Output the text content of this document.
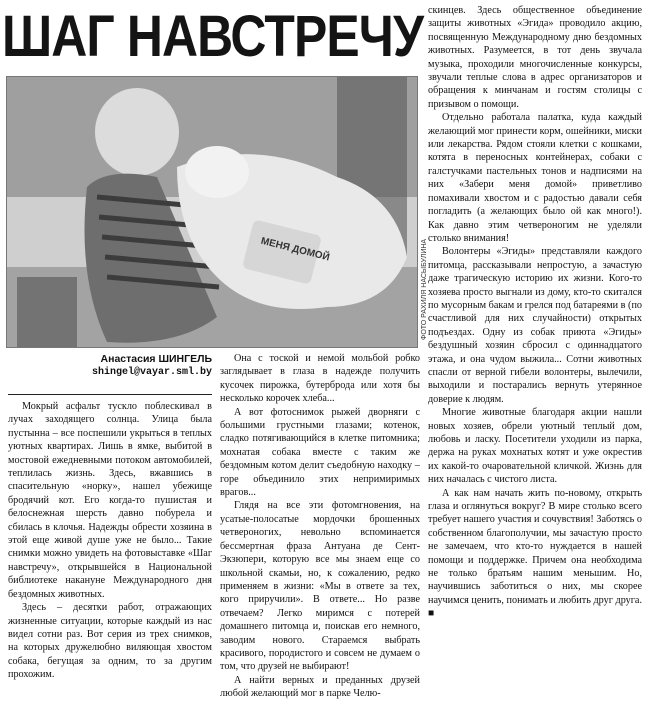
ШАГ НАВСТРЕЧУ
МЕНЯ ДОМОЙ	ФОТО РАХИЛЯ НАСЫБУЛИНА
Анастасия ШИНГЕЛЬ
shingel@vayar.sml.by

Мокрый асфальт тускло поблескивал в лучах заходящего солнца. Улица была пустынна – все поспешили укрыться в теплых уютных квартирах. Лишь в ямке, выбитой в мостовой ежедневными потоком автомобилей, теплилась жизнь. Здесь, вжавшись в спасительную «норку», нашел убежище бродячий кот. Его когда-то пушистая и белоснежная шерсть давно побурела и сбилась в клочья. Надежды обрести хозяина в этой еще живой душе уже не было... Такие снимки можно увидеть на фотовыставке «Шаг навстречу», открывшейся в Национальной библиотеке накануне Международного дня бездомных животных.

Здесь – десятки работ, отражающих жизненные ситуации, которые каждый из нас видел сотни раз. Вот серия из трех снимков, на которых дружелюбно виляющая хвостом собака, бегущая за одним, то за другим прохожим.

Она с тоской и немой мольбой робко заглядывает в глаза в надежде получить кусочек пирожка, бутерброда или хотя бы несколько корочек хлеба...

А вот фотоснимок рыжей дворняги с большими грустными глазами; котенок, сладко потягивающийся в клетке питомника; мохнатая собака вместе с таким же бездомным котом делит съедобную находку – горе объединило этих непримиримых врагов...

Глядя на все эти фотомгновения, на усатые-полосатые мордочки брошенных четвероногих, невольно вспоминается бессмертная фраза Антуана де Сент-Экзюпери, которую все мы знаем еще со школьной скамьи, но, к сожалению, редко применяем в жизни: «Мы в ответе за тех, кого приручили». В ответе... Но разве отвечаем? Легко миримся с потерей домашнего питомца и, поискав его немного, заводим нового. Стараемся выбрать красивого, породистого и совсем не думаем о том, что друзей не выбирают!

А найти верных и преданных друзей любой желающий мог в парке Челю-

скинцев. Здесь общественное объединение защиты животных «Эгида» проводило акцию, посвященную Международному дню бездомных животных. Разумеется, в тот день звучала музыка, проходили многочисленные конкурсы, звучали теплые слова в адрес организаторов и обращения к минчанам и гостям столицы с призывом о помощи.

Отдельно работала палатка, куда каждый желающий мог принести корм, ошейники, миски или лекарства. Рядом стояли клетки с кошками, котята в переносных контейнерах, собаки с галстучками пастельных тонов и надписями на них «Забери меня домой» приветливо помахивали хвостом и с радостью давали себя погладить (а желающих было ой как много!). Как давно этим четвероногим не уделяли столько внимания!

Волонтеры «Эгиды» представляли каждого питомца, рассказывали непростую, а зачастую даже трагическую историю их жизни. Кого-то хозяева просто выгнали из дому, кто-то скитался по мусорным бакам и грелся под батареями в (по счастливой для них случайности) открытых подъездах. Одну из собак приюта «Эгиды» бездушный хозяин сбросил с одиннадцатого этажа, и она чудом выжила... Сотни животных спасли от верной гибели волонтеры, вылечили, выходили и постарались вернуть утерянное доверие к людям.

Многие животные благодаря акции нашли новых хозяев, обрели уютный теплый дом, любовь и ласку. Посетители уходили из парка, держа на руках мохнатых котят и уже окрестив их какой-то очаровательной кличкой. Жизнь для них началась с чистого листа.

А как нам начать жить по-новому, открыть глаза и оглянуться вокруг? В мире столько всего требует нашего участия и сочувствия! Заботясь о собственном благополучии, мы зачастую просто не замечаем, что кто-то нуждается в нашей помощи и поддержке. Причем она необходима не только братьям нашим меньшим. Но, научившись заботиться о них, мы скорее научимся ценить, понимать и любить друг друга. ■
